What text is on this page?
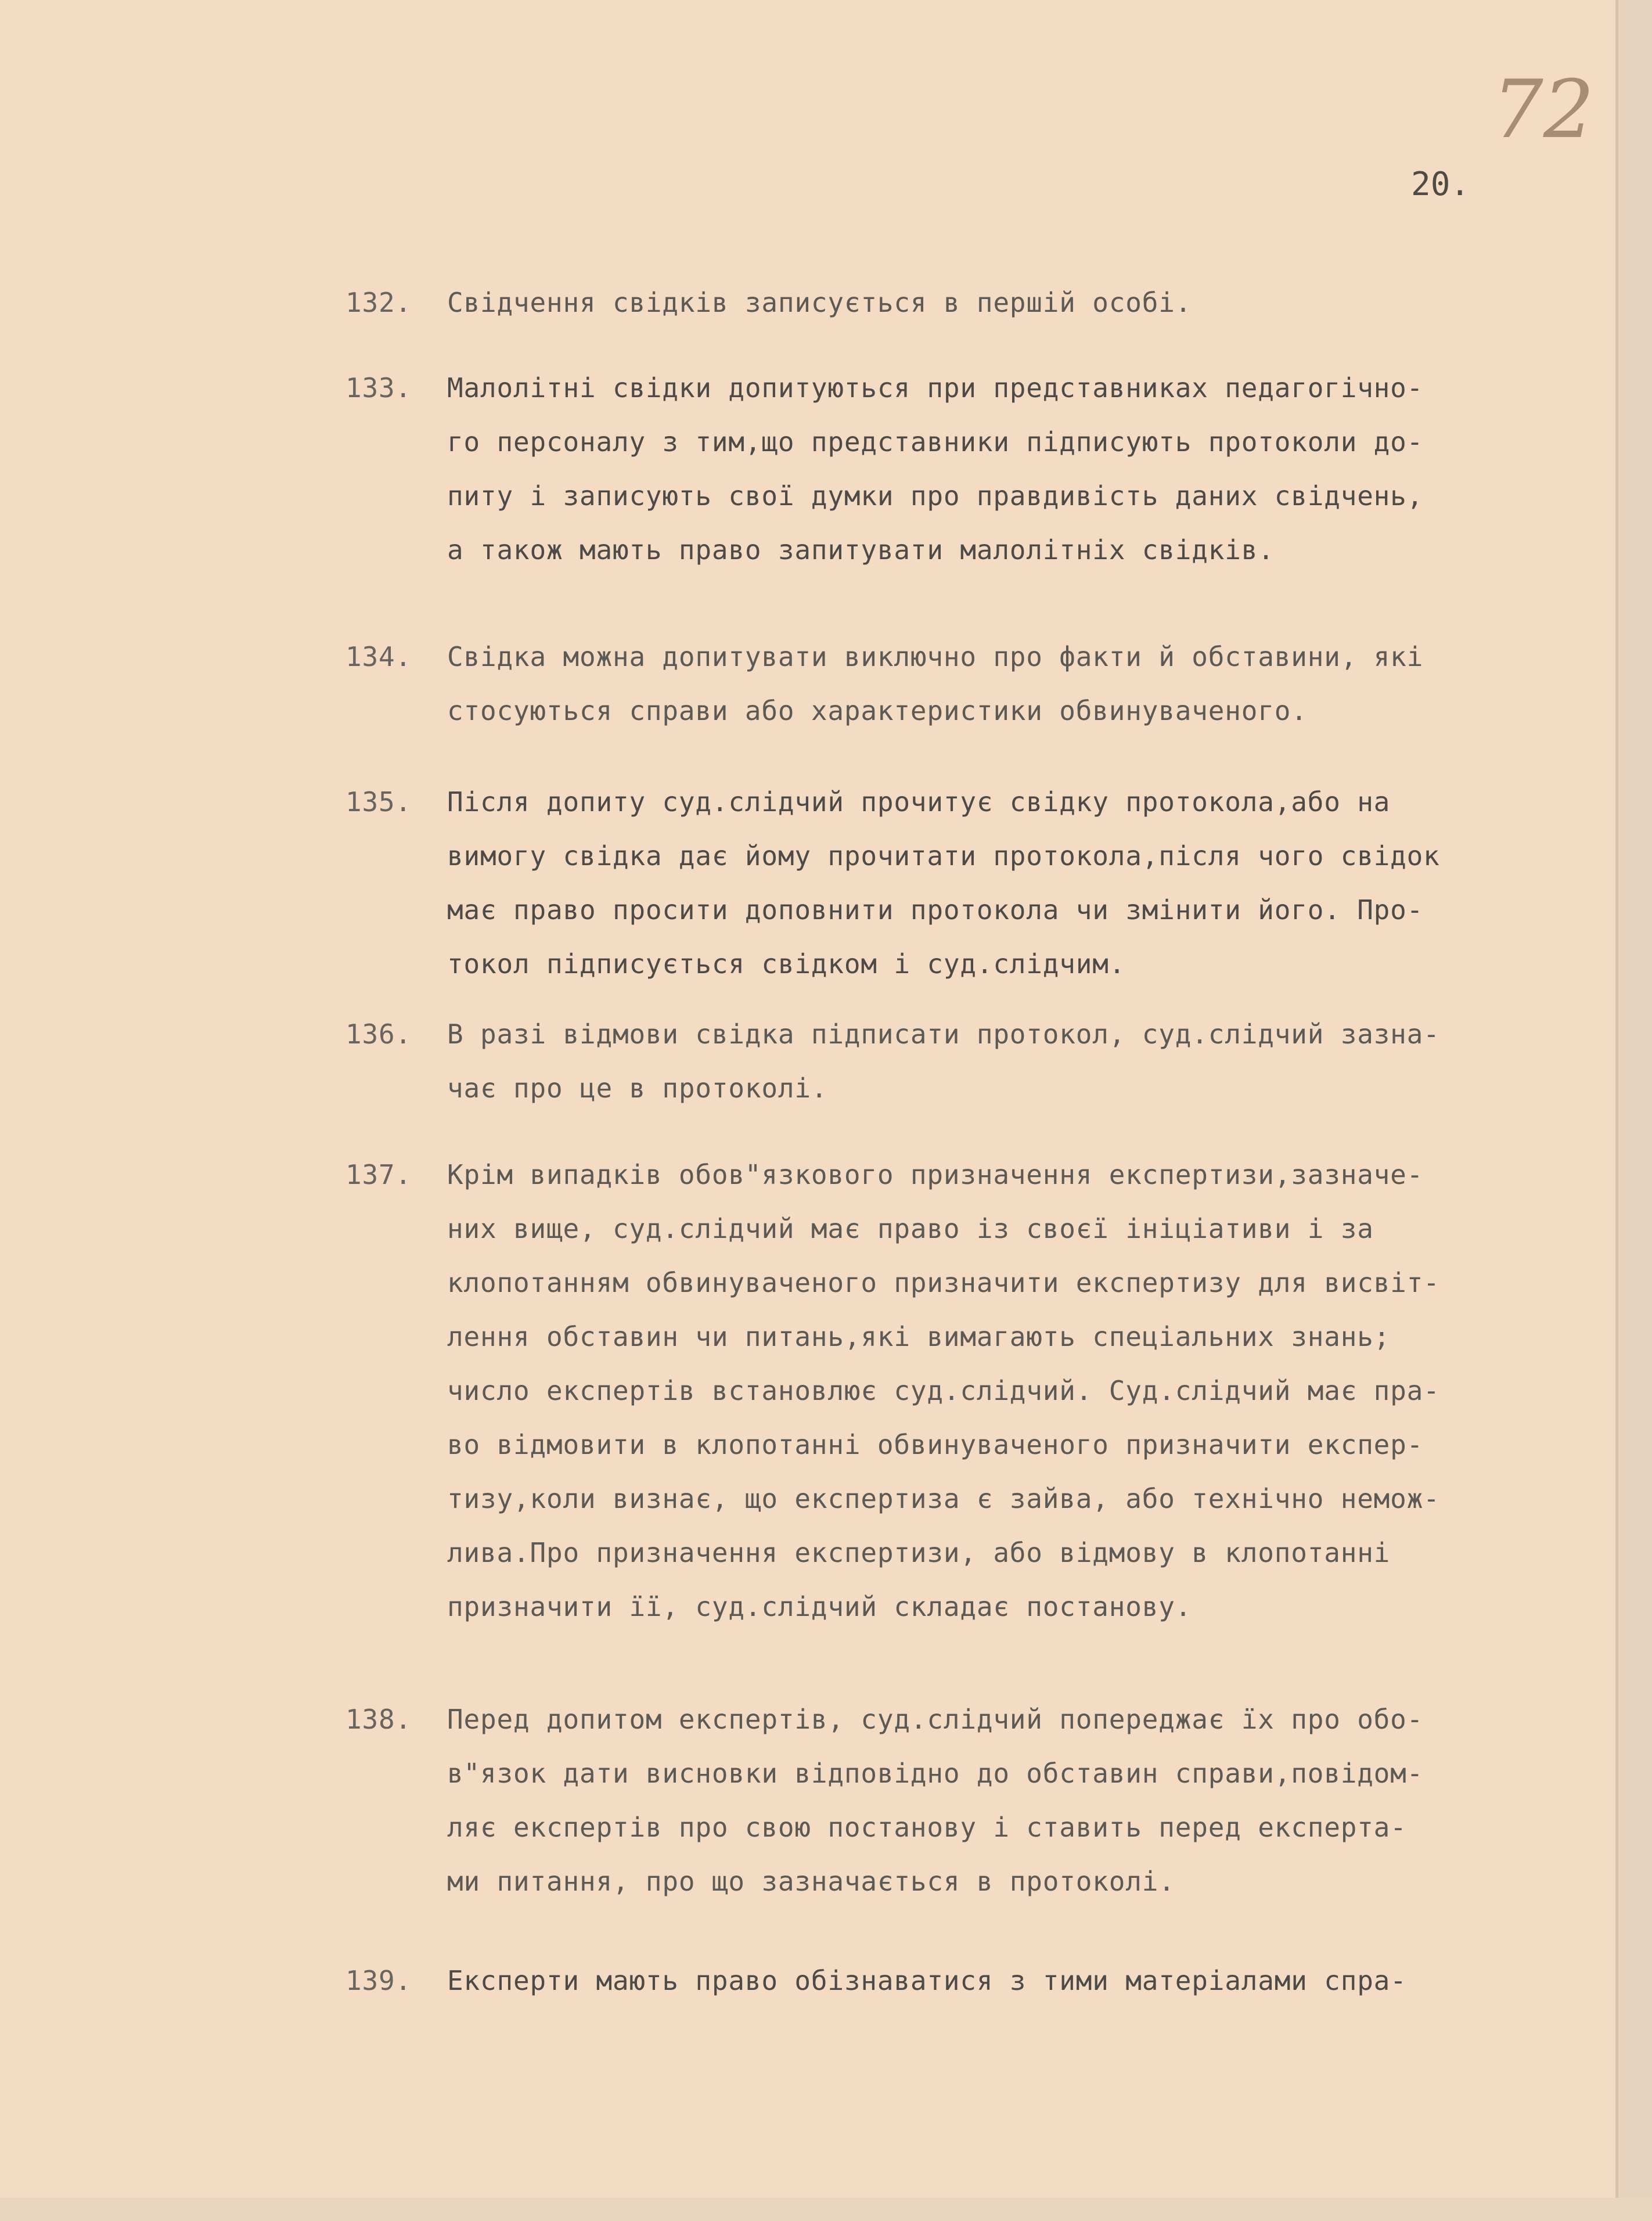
72
20.
132. Свідчення свідків записується в першій особі.
133. Малолітні свідки допитуються при представниках педагогічно-
го персоналу з тим,що представники підписують протоколи до-
питу і записують свої думки про правдивість даних свідчень,
а також мають право запитувати малолітніх свідків.
134. Свідка можна допитувати виключно про факти й обставини, які
стосуються справи або характеристики обвинуваченого.
135. Після допиту суд.слідчий прочитує свідку протокола,або на
вимогу свідка дає йому прочитати протокола,після чого свідок
має право просити доповнити протокола чи змінити його. Про-
токол підписується свідком і суд.слідчим.
136. В разі відмови свідка підписати протокол, суд.слідчий зазна-
чає про це в протоколі.
137. Крім випадків обов"язкового призначення експертизи,зазначе-
них вище, суд.слідчий має право із своєї ініціативи і за
клопотанням обвинуваченого призначити експертизу для висвіт-
лення обставин чи питань,які вимагають спеціальних знань;
число експертів встановлює суд.слідчий. Суд.слідчий має пра-
во відмовити в клопотанні обвинуваченого призначити експер-
тизу,коли визнає, що експертиза є зайва, або технічно немож-
лива.Про призначення експертизи, або відмову в клопотанні
призначити її, суд.слідчий складає постанову.
138. Перед допитом експертів, суд.слідчий попереджає їх про обо-
в"язок дати висновки відповідно до обставин справи,повідом-
ляє експертів про свою постанову і ставить перед експерта-
ми питання, про що зазначається в протоколі.
139. Експерти мають право обізнаватися з тими матеріалами спра-
